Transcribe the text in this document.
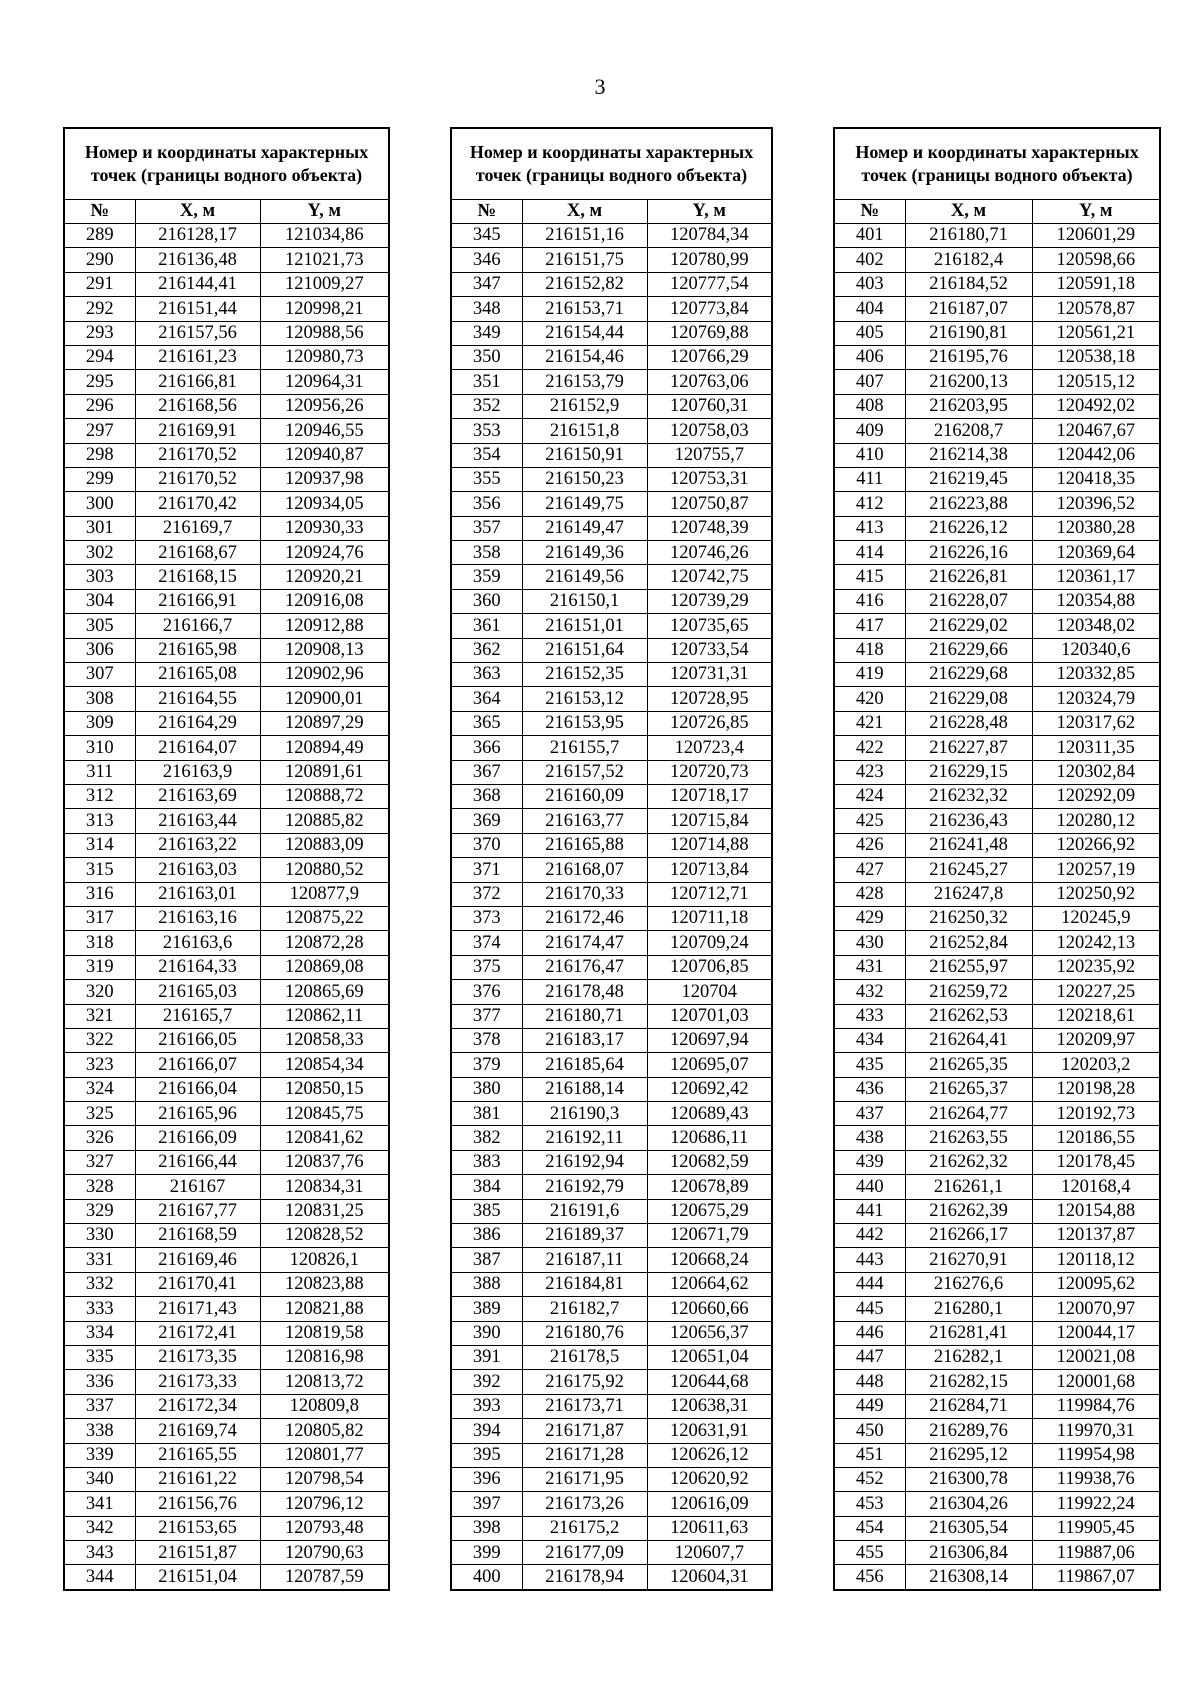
3
Номер и координаты характерных точек (границы водного объекта)		
№	X, м	Y, м
289	216128,17	121034,86
290	216136,48	121021,73
291	216144,41	121009,27
292	216151,44	120998,21
293	216157,56	120988,56
294	216161,23	120980,73
295	216166,81	120964,31
296	216168,56	120956,26
297	216169,91	120946,55
298	216170,52	120940,87
299	216170,52	120937,98
300	216170,42	120934,05
301	216169,7	120930,33
302	216168,67	120924,76
303	216168,15	120920,21
304	216166,91	120916,08
305	216166,7	120912,88
306	216165,98	120908,13
307	216165,08	120902,96
308	216164,55	120900,01
309	216164,29	120897,29
310	216164,07	120894,49
311	216163,9	120891,61
312	216163,69	120888,72
313	216163,44	120885,82
314	216163,22	120883,09
315	216163,03	120880,52
316	216163,01	120877,9
317	216163,16	120875,22
318	216163,6	120872,28
319	216164,33	120869,08
320	216165,03	120865,69
321	216165,7	120862,11
322	216166,05	120858,33
323	216166,07	120854,34
324	216166,04	120850,15
325	216165,96	120845,75
326	216166,09	120841,62
327	216166,44	120837,76
328	216167	120834,31
329	216167,77	120831,25
330	216168,59	120828,52
331	216169,46	120826,1
332	216170,41	120823,88
333	216171,43	120821,88
334	216172,41	120819,58
335	216173,35	120816,98
336	216173,33	120813,72
337	216172,34	120809,8
338	216169,74	120805,82
339	216165,55	120801,77
340	216161,22	120798,54
341	216156,76	120796,12
342	216153,65	120793,48
343	216151,87	120790,63
344	216151,04	120787,59
Номер и координаты характерных точек (границы водного объекта)		
№	X, м	Y, м
345	216151,16	120784,34
346	216151,75	120780,99
347	216152,82	120777,54
348	216153,71	120773,84
349	216154,44	120769,88
350	216154,46	120766,29
351	216153,79	120763,06
352	216152,9	120760,31
353	216151,8	120758,03
354	216150,91	120755,7
355	216150,23	120753,31
356	216149,75	120750,87
357	216149,47	120748,39
358	216149,36	120746,26
359	216149,56	120742,75
360	216150,1	120739,29
361	216151,01	120735,65
362	216151,64	120733,54
363	216152,35	120731,31
364	216153,12	120728,95
365	216153,95	120726,85
366	216155,7	120723,4
367	216157,52	120720,73
368	216160,09	120718,17
369	216163,77	120715,84
370	216165,88	120714,88
371	216168,07	120713,84
372	216170,33	120712,71
373	216172,46	120711,18
374	216174,47	120709,24
375	216176,47	120706,85
376	216178,48	120704
377	216180,71	120701,03
378	216183,17	120697,94
379	216185,64	120695,07
380	216188,14	120692,42
381	216190,3	120689,43
382	216192,11	120686,11
383	216192,94	120682,59
384	216192,79	120678,89
385	216191,6	120675,29
386	216189,37	120671,79
387	216187,11	120668,24
388	216184,81	120664,62
389	216182,7	120660,66
390	216180,76	120656,37
391	216178,5	120651,04
392	216175,92	120644,68
393	216173,71	120638,31
394	216171,87	120631,91
395	216171,28	120626,12
396	216171,95	120620,92
397	216173,26	120616,09
398	216175,2	120611,63
399	216177,09	120607,7
400	216178,94	120604,31
Номер и координаты характерных точек (границы водного объекта)		
№	X, м	Y, м
401	216180,71	120601,29
402	216182,4	120598,66
403	216184,52	120591,18
404	216187,07	120578,87
405	216190,81	120561,21
406	216195,76	120538,18
407	216200,13	120515,12
408	216203,95	120492,02
409	216208,7	120467,67
410	216214,38	120442,06
411	216219,45	120418,35
412	216223,88	120396,52
413	216226,12	120380,28
414	216226,16	120369,64
415	216226,81	120361,17
416	216228,07	120354,88
417	216229,02	120348,02
418	216229,66	120340,6
419	216229,68	120332,85
420	216229,08	120324,79
421	216228,48	120317,62
422	216227,87	120311,35
423	216229,15	120302,84
424	216232,32	120292,09
425	216236,43	120280,12
426	216241,48	120266,92
427	216245,27	120257,19
428	216247,8	120250,92
429	216250,32	120245,9
430	216252,84	120242,13
431	216255,97	120235,92
432	216259,72	120227,25
433	216262,53	120218,61
434	216264,41	120209,97
435	216265,35	120203,2
436	216265,37	120198,28
437	216264,77	120192,73
438	216263,55	120186,55
439	216262,32	120178,45
440	216261,1	120168,4
441	216262,39	120154,88
442	216266,17	120137,87
443	216270,91	120118,12
444	216276,6	120095,62
445	216280,1	120070,97
446	216281,41	120044,17
447	216282,1	120021,08
448	216282,15	120001,68
449	216284,71	119984,76
450	216289,76	119970,31
451	216295,12	119954,98
452	216300,78	119938,76
453	216304,26	119922,24
454	216305,54	119905,45
455	216306,84	119887,06
456	216308,14	119867,07
